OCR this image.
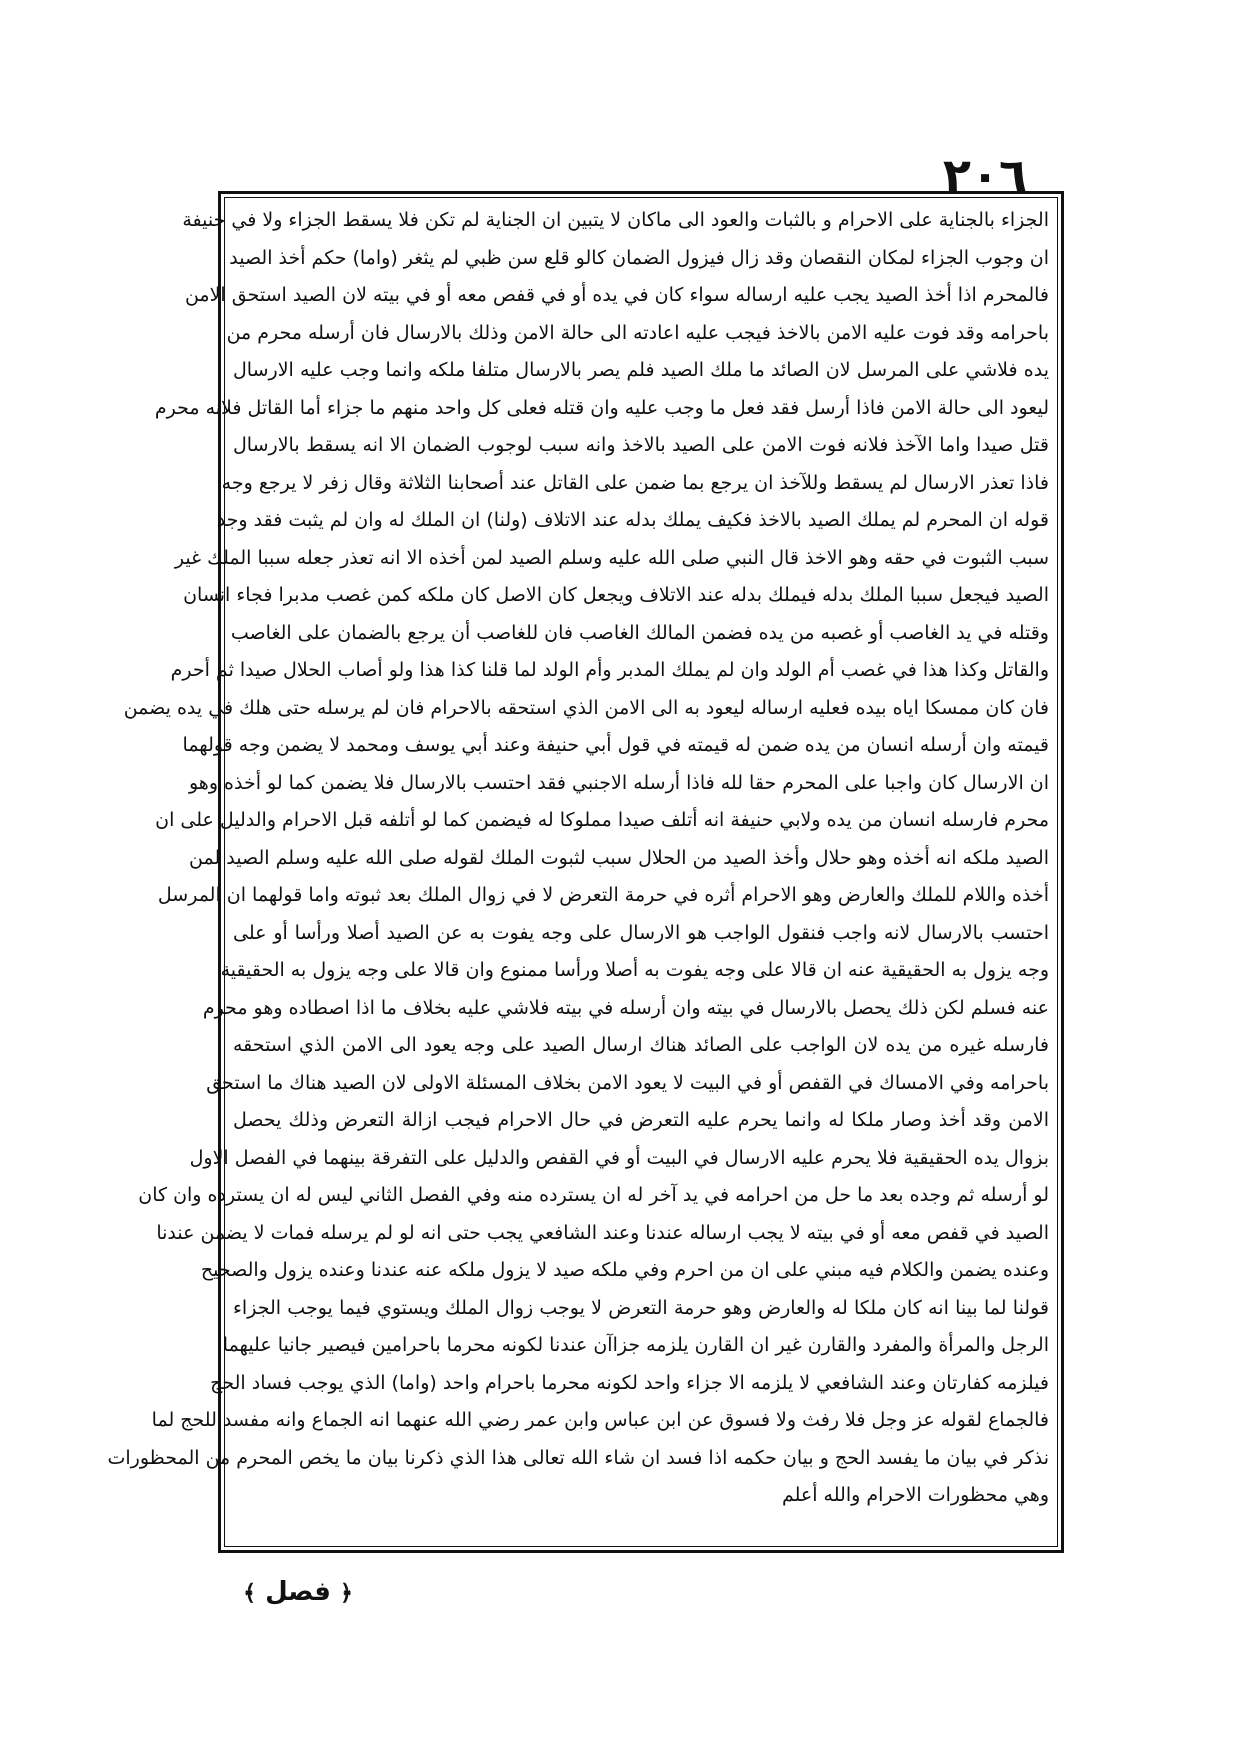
٢٠٦
الجزاء بالجناية على الاحرام و بالثبات والعود الى ماكان لا يتبين ان الجناية لم تكن فلا يسقط الجزاء ولا في حنيفة
ان وجوب الجزاء لمكان النقصان وقد زال فيزول الضمان كالو قلع سن ظبي لم يثغر (واما) حكم أخذ الصيد
فالمحرم اذا أخذ الصيد يجب عليه ارساله سواء كان في يده أو في قفص معه أو في بيته لان الصيد استحق الامن
باحرامه وقد فوت عليه الامن بالاخذ فيجب عليه اعادته الى حالة الامن وذلك بالارسال فان أرسله محرم من
يده فلاشي على المرسل لان الصائد ما ملك الصيد فلم يصر بالارسال متلفا ملكه وانما وجب عليه الارسال
ليعود الى حالة الامن فاذا أرسل فقد فعل ما وجب عليه وان قتله فعلى كل واحد منهم ما جزاء أما القاتل فلانه محرم
قتل صيدا واما الآخذ فلانه فوت الامن على الصيد بالاخذ وانه سبب لوجوب الضمان الا انه يسقط بالارسال
فاذا تعذر الارسال لم يسقط وللآخذ ان يرجع بما ضمن على القاتل عند أصحابنا الثلاثة وقال زفر لا يرجع وجه
قوله ان المحرم لم يملك الصيد بالاخذ فكيف يملك بدله عند الاتلاف (ولنا) ان الملك له وان لم يثبت فقد وجد
سبب الثبوت في حقه وهو الاخذ قال النبي صلى الله عليه وسلم الصيد لمن أخذه الا انه تعذر جعله سببا الملك غير
الصيد فيجعل سببا الملك بدله فيملك بدله عند الاتلاف ويجعل كان الاصل كان ملكه كمن غصب مدبرا فجاء انسان
وقتله في يد الغاصب أو غصبه من يده فضمن المالك الغاصب فان للغاصب أن يرجع بالضمان على الغاصب
والقاتل وكذا هذا في غصب أم الولد وان لم يملك المدبر وأم الولد لما قلنا كذا هذا ولو أصاب الحلال صيدا ثم أحرم
فان كان ممسكا اياه بيده فعليه ارساله ليعود به الى الامن الذي استحقه بالاحرام فان لم يرسله حتى هلك في يده يضمن
قيمته وان أرسله انسان من يده ضمن له قيمته في قول أبي حنيفة وعند أبي يوسف ومحمد لا يضمن وجه قولهما
ان الارسال كان واجبا على المحرم حقا لله فاذا أرسله الاجنبي فقد احتسب بالارسال فلا يضمن كما لو أخذه وهو
محرم فارسله انسان من يده ولابي حنيفة انه أتلف صيدا مملوكا له فيضمن كما لو أتلفه قبل الاحرام والدليل على ان
الصيد ملكه انه أخذه وهو حلال وأخذ الصيد من الحلال سبب لثبوت الملك لقوله صلى الله عليه وسلم الصيد لمن
أخذه واللام للملك والعارض وهو الاحرام أثره في حرمة التعرض لا في زوال الملك بعد ثبوته واما قولهما ان المرسل
احتسب بالارسال لانه واجب فنقول الواجب هو الارسال على وجه يفوت به عن الصيد أصلا ورأسا أو على
وجه يزول به الحقيقية عنه ان قالا على وجه يفوت به أصلا ورأسا ممنوع وان قالا على وجه يزول به الحقيقية
عنه فسلم لكن ذلك يحصل بالارسال في بيته وان أرسله في بيته فلاشي عليه بخلاف ما اذا اصطاده وهو محرم
فارسله غيره من يده لان الواجب على الصائد هناك ارسال الصيد على وجه يعود الى الامن الذي استحقه
باحرامه وفي الامساك في القفص أو في البيت لا يعود الامن بخلاف المسئلة الاولى لان الصيد هناك ما استحق
الامن وقد أخذ وصار ملكا له وانما يحرم عليه التعرض في حال الاحرام فيجب ازالة التعرض وذلك يحصل
بزوال يده الحقيقية فلا يحرم عليه الارسال في البيت أو في القفص والدليل على التفرقة بينهما في الفصل الاول
لو أرسله ثم وجده بعد ما حل من احرامه في يد آخر له ان يسترده منه وفي الفصل الثاني ليس له ان يسترده وان كان
الصيد في قفص معه أو في بيته لا يجب ارساله عندنا وعند الشافعي يجب حتى انه لو لم يرسله فمات لا يضمن عندنا
وعنده يضمن والكلام فيه مبني على ان من احرم وفي ملكه صيد لا يزول ملكه عنه عندنا وعنده يزول والصحيح
قولنا لما بينا انه كان ملكا له والعارض وهو حرمة التعرض لا يوجب زوال الملك ويستوي فيما يوجب الجزاء
الرجل والمرأة والمفرد والقارن غير ان القارن يلزمه جزاآن عندنا لكونه محرما باحرامين فيصير جانيا عليهما
فيلزمه كفارتان وعند الشافعي لا يلزمه الا جزاء واحد لكونه محرما باحرام واحد (واما) الذي يوجب فساد الحج
فالجماع لقوله عز وجل فلا رفث ولا فسوق عن ابن عباس وابن عمر رضي الله عنهما انه الجماع وانه مفسد للحج لما
نذكر في بيان ما يفسد الحج و بيان حكمه اذا فسد ان شاء الله تعالى هذا الذي ذكرنا بيان ما يخص المحرم من المحظورات
وهي محظورات الاحرام والله أعلم
﴿ فصل ﴾
